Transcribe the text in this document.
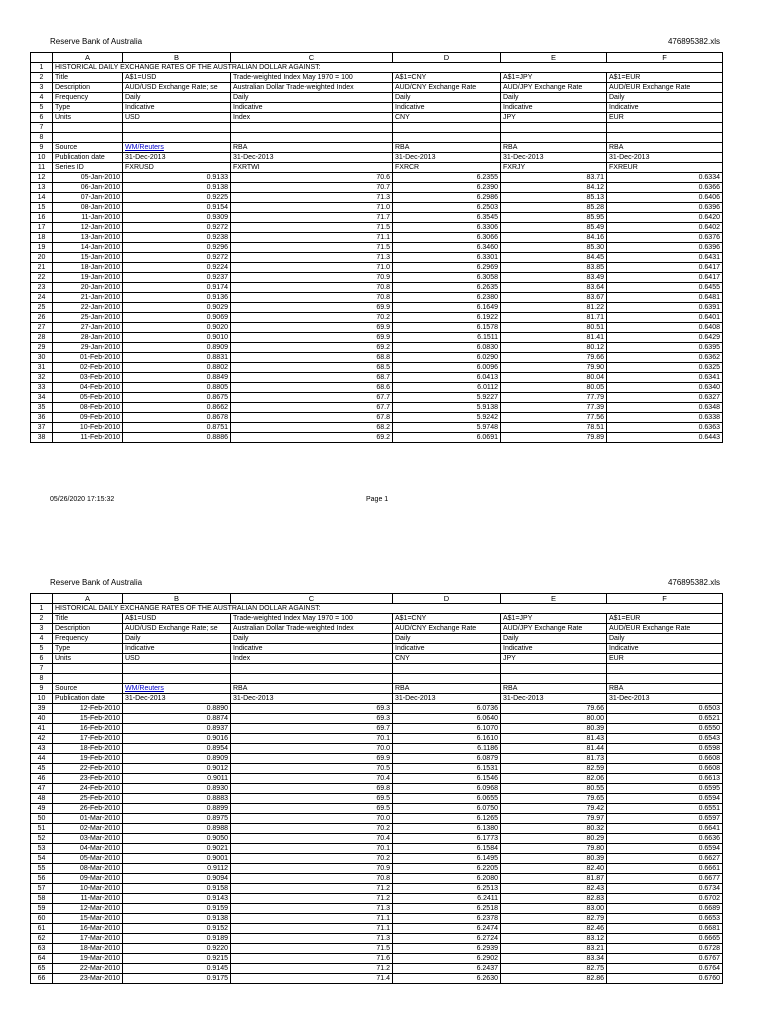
Reserve Bank of Australia	476895382.xls
	A	B	C	D	E	F
1	HISTORICAL DAILY EXCHANGE RATES OF THE AUSTRALIAN DOLLAR AGAINST:					
2	Title	A$1=USD	Trade-weighted Index May 1970 = 100	A$1=CNY	A$1=JPY	A$1=EUR
3	Description	AUD/USD Exchange Rate; se	Australian Dollar Trade-weighted Index	AUD/CNY Exchange Rate	AUD/JPY Exchange Rate	AUD/EUR Exchange Rate
4	Frequency	Daily	Daily	Daily	Daily	Daily
5	Type	Indicative	Indicative	Indicative	Indicative	Indicative
6	Units	USD	Index	CNY	JPY	EUR
7						
8						
9	Source	WM/Reuters	RBA	RBA	RBA	RBA
10	Publication date	31-Dec-2013	31-Dec-2013	31-Dec-2013	31-Dec-2013	31-Dec-2013
11	Series ID	FXRUSD	FXRTWI	FXRCR	FXRJY	FXREUR
12	05-Jan-2010	0.9133	70.6	6.2355	83.71	0.6334
13	06-Jan-2010	0.9138	70.7	6.2390	84.12	0.6366
14	07-Jan-2010	0.9225	71.3	6.2986	85.13	0.6406
15	08-Jan-2010	0.9154	71.0	6.2503	85.28	0.6396
16	11-Jan-2010	0.9309	71.7	6.3545	85.95	0.6420
17	12-Jan-2010	0.9272	71.5	6.3306	85.49	0.6402
18	13-Jan-2010	0.9238	71.1	6.3066	84.16	0.6376
19	14-Jan-2010	0.9296	71.5	6.3460	85.30	0.6396
20	15-Jan-2010	0.9272	71.3	6.3301	84.45	0.6431
21	18-Jan-2010	0.9224	71.0	6.2969	83.85	0.6417
22	19-Jan-2010	0.9237	70.9	6.3058	83.49	0.6417
23	20-Jan-2010	0.9174	70.8	6.2635	83.64	0.6455
24	21-Jan-2010	0.9136	70.8	6.2380	83.67	0.6481
25	22-Jan-2010	0.9029	69.9	6.1649	81.22	0.6391
26	25-Jan-2010	0.9069	70.2	6.1922	81.71	0.6401
27	27-Jan-2010	0.9020	69.9	6.1578	80.51	0.6408
28	28-Jan-2010	0.9010	69.9	6.1511	81.41	0.6429
29	29-Jan-2010	0.8909	69.2	6.0830	80.12	0.6395
30	01-Feb-2010	0.8831	68.8	6.0290	79.66	0.6362
31	02-Feb-2010	0.8802	68.5	6.0096	79.90	0.6325
32	03-Feb-2010	0.8849	68.7	6.0413	80.04	0.6341
33	04-Feb-2010	0.8805	68.6	6.0112	80.05	0.6340
34	05-Feb-2010	0.8675	67.7	5.9227	77.79	0.6327
35	08-Feb-2010	0.8662	67.7	5.9138	77.39	0.6348
36	09-Feb-2010	0.8678	67.8	5.9242	77.56	0.6338
37	10-Feb-2010	0.8751	68.2	5.9748	78.51	0.6363
38	11-Feb-2010	0.8886	69.2	6.0691	79.89	0.6443
05/26/2020 17:15:32	Page 1
Reserve Bank of Australia	476895382.xls
	A	B	C	D	E	F
1	HISTORICAL DAILY EXCHANGE RATES OF THE AUSTRALIAN DOLLAR AGAINST:					
2	Title	A$1=USD	Trade-weighted Index May 1970 = 100	A$1=CNY	A$1=JPY	A$1=EUR
3	Description	AUD/USD Exchange Rate; se	Australian Dollar Trade-weighted Index	AUD/CNY Exchange Rate	AUD/JPY Exchange Rate	AUD/EUR Exchange Rate
4	Frequency	Daily	Daily	Daily	Daily	Daily
5	Type	Indicative	Indicative	Indicative	Indicative	Indicative
6	Units	USD	Index	CNY	JPY	EUR
7						
8						
9	Source	WM/Reuters	RBA	RBA	RBA	RBA
10	Publication date	31-Dec-2013	31-Dec-2013	31-Dec-2013	31-Dec-2013	31-Dec-2013
39	12-Feb-2010	0.8890	69.3	6.0736	79.66	0.6503
40	15-Feb-2010	0.8874	69.3	6.0640	80.00	0.6521
41	16-Feb-2010	0.8937	69.7	6.1070	80.39	0.6550
42	17-Feb-2010	0.9016	70.1	6.1610	81.43	0.6543
43	18-Feb-2010	0.8954	70.0	6.1186	81.44	0.6598
44	19-Feb-2010	0.8909	69.9	6.0879	81.73	0.6608
45	22-Feb-2010	0.9012	70.5	6.1531	82.59	0.6608
46	23-Feb-2010	0.9011	70.4	6.1546	82.06	0.6613
47	24-Feb-2010	0.8930	69.8	6.0968	80.55	0.6595
48	25-Feb-2010	0.8883	69.5	6.0655	79.65	0.6594
49	26-Feb-2010	0.8899	69.5	6.0750	79.42	0.6551
50	01-Mar-2010	0.8975	70.0	6.1265	79.97	0.6597
51	02-Mar-2010	0.8988	70.2	6.1380	80.32	0.6641
52	03-Mar-2010	0.9050	70.4	6.1773	80.29	0.6636
53	04-Mar-2010	0.9021	70.1	6.1584	79.80	0.6594
54	05-Mar-2010	0.9001	70.2	6.1495	80.39	0.6627
55	08-Mar-2010	0.9112	70.9	6.2205	82.40	0.6661
56	09-Mar-2010	0.9094	70.8	6.2080	81.87	0.6677
57	10-Mar-2010	0.9158	71.2	6.2513	82.43	0.6734
58	11-Mar-2010	0.9143	71.2	6.2411	82.83	0.6702
59	12-Mar-2010	0.9159	71.3	6.2518	83.00	0.6689
60	15-Mar-2010	0.9138	71.1	6.2378	82.79	0.6653
61	16-Mar-2010	0.9152	71.1	6.2474	82.46	0.6681
62	17-Mar-2010	0.9189	71.3	6.2724	83.12	0.6665
63	18-Mar-2010	0.9220	71.5	6.2939	83.21	0.6728
64	19-Mar-2010	0.9215	71.6	6.2902	83.34	0.6767
65	22-Mar-2010	0.9145	71.2	6.2437	82.75	0.6764
66	23-Mar-2010	0.9175	71.4	6.2630	82.86	0.6760
